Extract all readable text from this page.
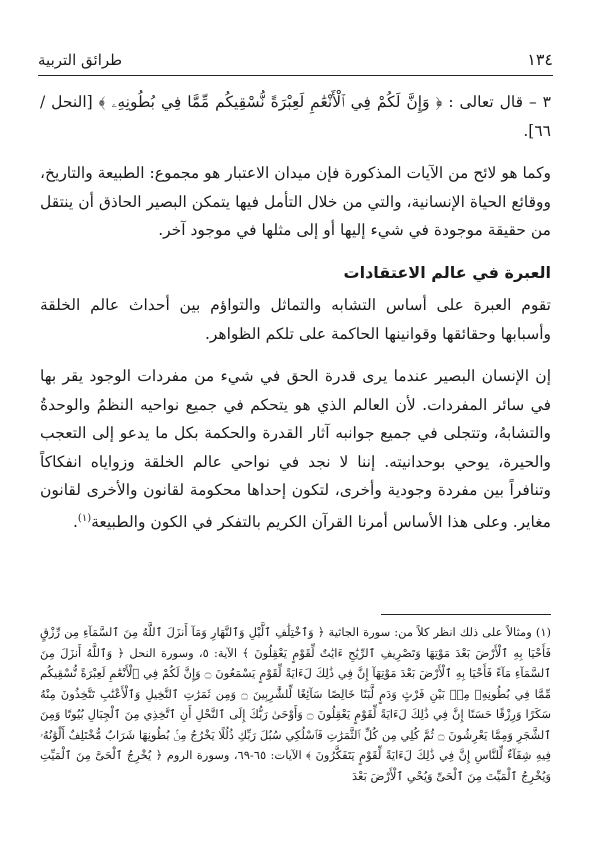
١٣٤
طرائق التربية

٣ – قال تعالى : ﴿ وَإِنَّ لَكُمْ فِي ٱلْأَنْعَٰمِ لَعِبْرَةً نُّسْقِيكُم مِّمَّا فِي بُطُونِهِۦ ﴾ [النحل / ٦٦].

وكما هو لائح من الآيات المذكورة فإن ميدان الاعتبار هو مجموع: الطبيعة والتاريخ، ووقائع الحياة الإنسانية، والتي من خلال التأمل فيها يتمكن البصير الحاذق أن ينتقل من حقيقة موجودة في شيء إليها أو إلى مثلها في موجود آخر.

العبرة في عالم الاعتقادات

تقوم العبرة على أساس التشابه والتماثل والتواؤم بين أحداث عالم الخلقة وأسبابها وحقائقها وقوانينها الحاكمة على تلكم الظواهر.

إن الإنسان البصير عندما يرى قدرة الحق في شيء من مفردات الوجود يقر بها في سائر المفردات. لأن العالم الذي هو يتحكم في جميع نواحيه النظمُ والوحدةُ والتشابهُ، وتتجلى في جميع جوانبه آثار القدرة والحكمة بكل ما يدعو إلى التعجب والحيرة، يوحي بوحدانيته. إننا لا نجد في نواحي عالم الخلقة وزواياه انفكاكاً وتنافراً بين مفردة وجودية وأخرى، لتكون إحداها محكومة لقانون والأخرى لقانون مغاير. وعلى هذا الأساس أمرنا القرآن الكريم بالتفكر في الكون والطبيعة$^{(١)}$.

(١) ومثالاً على ذلك انظر كلاً من: سورة الجاثية ﴿ وَٱخْتِلَٰفِ ٱلَّيْلِ وَٱلنَّهَارِ وَمَآ أَنزَلَ ٱللَّهُ مِنَ ٱلسَّمَآءِ مِن رِّزْقٍ فَأَحْيَا بِهِ ٱلْأَرْضَ بَعْدَ مَوْتِهَا وَتَصْرِيفِ ٱلرِّيَٰحِ ءَايَٰتٌ لِّقَوْمٍ يَعْقِلُونَ ﴾ الآية: ٥، وسورة النحل ﴿ وَٱللَّهُ أَنزَلَ مِنَ ٱلسَّمَآءِ مَآءً فَأَحْيَا بِهِ ٱلْأَرْضَ بَعْدَ مَوْتِهَآ إِنَّ فِي ذَٰلِكَ لَءَايَةً لِّقَوْمٍ يَسْمَعُونَ ۝ وَإِنَّ لَكُمْ فِي ٱلْأَنْعَٰمِ لَعِبْرَةً نُّسْقِيكُم مِّمَّا فِي بُطُونِهِۦ مِنۢ بَيْنِ فَرْثٍ وَدَمٍ لَّبَنًا خَالِصًا سَآئِغًا لِّلشَّٰرِبِينَ ۝ وَمِن ثَمَرَٰتِ ٱلنَّخِيلِ وَٱلْأَعْنَٰبِ تَتَّخِذُونَ مِنْهُ سَكَرًا وَرِزْقًا حَسَنًا إِنَّ فِي ذَٰلِكَ لَءَايَةً لِّقَوْمٍ يَعْقِلُونَ ۝ وَأَوْحَىٰ رَبُّكَ إِلَى ٱلنَّحْلِ أَنِ ٱتَّخِذِي مِنَ ٱلْجِبَالِ بُيُوتًا وَمِنَ ٱلشَّجَرِ وَمِمَّا يَعْرِشُونَ ۝ ثُمَّ كُلِي مِن كُلِّ ٱلثَّمَرَٰتِ فَٱسْلُكِي سُبُلَ رَبِّكِ ذُلُلًا يَخْرُجُ مِنۢ بُطُونِهَا شَرَابٌ مُّخْتَلِفٌ أَلْوَٰنُهُۥ فِيهِ شِفَآءٌ لِّلنَّاسِ إِنَّ فِي ذَٰلِكَ لَءَايَةً لِّقَوْمٍ يَتَفَكَّرُونَ ﴾ الآيات: ٦٥-٦٩، وسورة الروم ﴿ يُخْرِجُ ٱلْحَىَّ مِنَ ٱلْمَيِّتِ وَيُخْرِجُ ٱلْمَيِّتَ مِنَ ٱلْحَىِّ وَيُحْىِ ٱلْأَرْضَ بَعْدَ
